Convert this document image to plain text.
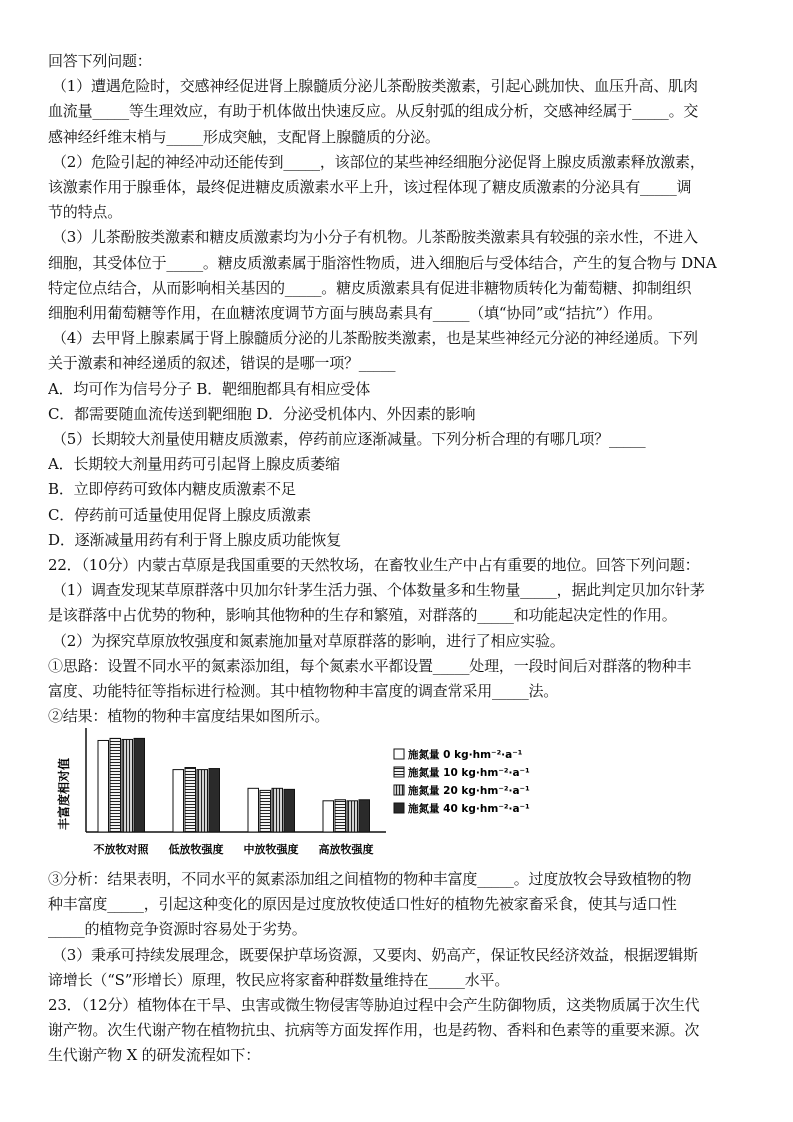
回答下列问题：
（1）遭遇危险时，交感神经促进肾上腺髓质分泌儿茶酚胺类激素，引起心跳加快、血压升高、肌肉
血流量_____等生理效应，有助于机体做出快速反应。从反射弧的组成分析，交感神经属于_____。交
感神经纤维末梢与_____形成突触，支配肾上腺髓质的分泌。
（2）危险引起的神经冲动还能传到_____，该部位的某些神经细胞分泌促肾上腺皮质激素释放激素，
该激素作用于腺垂体，最终促进糖皮质激素水平上升，该过程体现了糖皮质激素的分泌具有_____调
节的特点。
（3）儿茶酚胺类激素和糖皮质激素均为小分子有机物。儿茶酚胺类激素具有较强的亲水性，不进入
细胞，其受体位于_____。糖皮质激素属于脂溶性物质，进入细胞后与受体结合，产生的复合物与 DNA
特定位点结合，从而影响相关基因的_____。糖皮质激素具有促进非糖物质转化为葡萄糖、抑制组织
细胞利用葡萄糖等作用，在血糖浓度调节方面与胰岛素具有_____（填“协同”或“拮抗”）作用。
（4）去甲肾上腺素属于肾上腺髓质分泌的儿茶酚胺类激素，也是某些神经元分泌的神经递质。下列
关于激素和神经递质的叙述，错误的是哪一项？_____
A．均可作为信号分子 B．靶细胞都具有相应受体
C．都需要随血流传送到靶细胞 D．分泌受机体内、外因素的影响
（5）长期较大剂量使用糖皮质激素，停药前应逐渐减量。下列分析合理的有哪几项？_____
A．长期较大剂量用药可引起肾上腺皮质萎缩
B．立即停药可致体内糖皮质激素不足
C．停药前可适量使用促肾上腺皮质激素
D．逐渐减量用药有利于肾上腺皮质功能恢复
22．（10分）内蒙古草原是我国重要的天然牧场，在畜牧业生产中占有重要的地位。回答下列问题：
（1）调查发现某草原群落中贝加尔针茅生活力强、个体数量多和生物量_____，据此判定贝加尔针茅
是该群落中占优势的物种，影响其他物种的生存和繁殖，对群落的_____和功能起决定性的作用。
（2）为探究草原放牧强度和氮素施加量对草原群落的影响，进行了相应实验。
①思路：设置不同水平的氮素添加组，每个氮素水平都设置_____处理，一段时间后对群落的物种丰
富度、功能特征等指标进行检测。其中植物物种丰富度的调查常采用_____法。
②结果：植物的物种丰富度结果如图所示。
丰富度相对值
不放牧对照 低放牧强度 中放牧强度 高放牧强度
施氮量 0 kg·hm⁻²·a⁻¹
施氮量 10 kg·hm⁻²·a⁻¹
施氮量 20 kg·hm⁻²·a⁻¹
施氮量 40 kg·hm⁻²·a⁻¹
③分析：结果表明，不同水平的氮素添加组之间植物的物种丰富度_____。过度放牧会导致植物的物
种丰富度_____，引起这种变化的原因是过度放牧使适口性好的植物先被家畜采食，使其与适口性
_____的植物竞争资源时容易处于劣势。
（3）秉承可持续发展理念，既要保护草场资源，又要肉、奶高产，保证牧民经济效益，根据逻辑斯
谛增长（“S”形增长）原理，牧民应将家畜种群数量维持在_____水平。
23．（12分）植物体在干旱、虫害或微生物侵害等胁迫过程中会产生防御物质，这类物质属于次生代
谢产物。次生代谢产物在植物抗虫、抗病等方面发挥作用，也是药物、香料和色素等的重要来源。次
生代谢产物 X 的研发流程如下：
